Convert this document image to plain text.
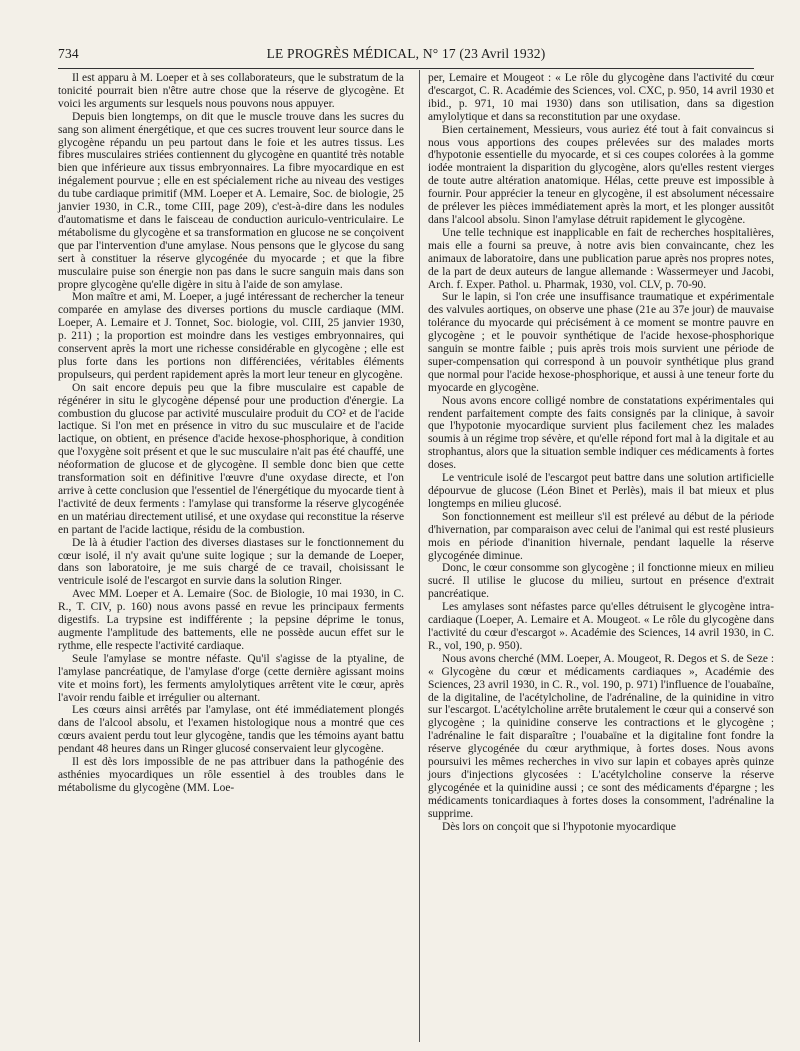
734	LE PROGRÈS MÉDICAL, N° 17 (23 Avril 1932)

Il est apparu à M. Loeper et à ses collaborateurs, que le substratum de la tonicité pourrait bien n'être autre chose que la réserve de glycogène. Et voici les arguments sur lesquels nous pouvons nous appuyer.

Depuis bien longtemps, on dit que le muscle trouve dans les sucres du sang son aliment énergétique, et que ces sucres trouvent leur source dans le glycogène répandu un peu partout dans le foie et les autres tissus. Les fibres musculaires striées contiennent du glycogène en quantité très notable bien que inférieure aux tissus embryonnaires. La fibre myocardique en est inégalement pourvue ; elle en est spécialement riche au niveau des vestiges du tube cardiaque primitif (MM. Loeper et A. Lemaire, Soc. de biologie, 25 janvier 1930, in C.R., tome CIII, page 209), c'est-à-dire dans les nodules d'automatisme et dans le faisceau de conduction auriculo-ventriculaire. Le métabolisme du glycogène et sa transformation en glucose ne se conçoivent que par l'intervention d'une amylase. Nous pensons que le glycose du sang sert à constituer la réserve glycogénée du myocarde ; et que la fibre musculaire puise son énergie non pas dans le sucre sanguin mais dans son propre glycogène qu'elle digère in situ à l'aide de son amylase.

Mon maître et ami, M. Loeper, a jugé intéressant de rechercher la teneur comparée en amylase des diverses portions du muscle cardiaque (MM. Loeper, A. Lemaire et J. Tonnet, Soc. biologie, vol. CIII, 25 janvier 1930, p. 211) ; la proportion est moindre dans les vestiges embryonnaires, qui conservent après la mort une richesse considérable en glycogène ; elle est plus forte dans les portions non différenciées, véritables éléments propulseurs, qui perdent rapidement après la mort leur teneur en glycogène.

On sait encore depuis peu que la fibre musculaire est capable de régénérer in situ le glycogène dépensé pour une production d'énergie. La combustion du glucose par activité musculaire produit du CO² et de l'acide lactique. Si l'on met en présence in vitro du suc musculaire et de l'acide lactique, on obtient, en présence d'acide hexose-phosphorique, à condition que l'oxygène soit présent et que le suc musculaire n'ait pas été chauffé, une néoformation de glucose et de glycogène. Il semble donc bien que cette transformation soit en définitive l'œuvre d'une oxydase directe, et l'on arrive à cette conclusion que l'essentiel de l'énergétique du myocarde tient à l'activité de deux ferments : l'amylase qui transforme la réserve glycogénée en un matériau directement utilisé, et une oxydase qui reconstitue la réserve en partant de l'acide lactique, résidu de la combustion.

De là à étudier l'action des diverses diastases sur le fonctionnement du cœur isolé, il n'y avait qu'une suite logique ; sur la demande de Loeper, dans son laboratoire, je me suis chargé de ce travail, choisissant le ventricule isolé de l'escargot en survie dans la solution Ringer.

Avec MM. Loeper et A. Lemaire (Soc. de Biologie, 10 mai 1930, in C. R., T. CIV, p. 160) nous avons passé en revue les principaux ferments digestifs. La trypsine est indifférente ; la pepsine déprime le tonus, augmente l'amplitude des battements, elle ne possède aucun effet sur le rythme, elle respecte l'activité cardiaque.

Seule l'amylase se montre néfaste. Qu'il s'agisse de la ptyaline, de l'amylase pancréatique, de l'amylase d'orge (cette dernière agissant moins vite et moins fort), les ferments amylolytiques arrêtent vite le cœur, après l'avoir rendu faible et irrégulier ou alternant.

Les cœurs ainsi arrêtés par l'amylase, ont été immédiatement plongés dans de l'alcool absolu, et l'examen histologique nous a montré que ces cœurs avaient perdu tout leur glycogène, tandis que les témoins ayant battu pendant 48 heures dans un Ringer glucosé conservaient leur glycogène.

Il est dès lors impossible de ne pas attribuer dans la pathogénie des asthénies myocardiques un rôle essentiel à des troubles dans le métabolisme du glycogène (MM. Loe-

per, Lemaire et Mougeot : « Le rôle du glycogène dans l'activité du cœur d'escargot, C. R. Académie des Sciences, vol. CXC, p. 950, 14 avril 1930 et ibid., p. 971, 10 mai 1930) dans son utilisation, dans sa digestion amylolytique et dans sa reconstitution par une oxydase.

Bien certainement, Messieurs, vous auriez été tout à fait convaincus si nous vous apportions des coupes prélevées sur des malades morts d'hypotonie essentielle du myocarde, et si ces coupes colorées à la gomme iodée montraient la disparition du glycogène, alors qu'elles restent vierges de toute autre altération anatomique. Hélas, cette preuve est impossible à fournir. Pour apprécier la teneur en glycogène, il est absolument nécessaire de prélever les pièces immédiatement après la mort, et les plonger aussitôt dans l'alcool absolu. Sinon l'amylase détruit rapidement le glycogène.

Une telle technique est inapplicable en fait de recherches hospitalières, mais elle a fourni sa preuve, à notre avis bien convaincante, chez les animaux de laboratoire, dans une publication parue après nos propres notes, de la part de deux auteurs de langue allemande : Wassermeyer und Jacobi, Arch. f. Exper. Pathol. u. Pharmak, 1930, vol. CLV, p. 70-90.

Sur le lapin, si l'on crée une insuffisance traumatique et expérimentale des valvules aortiques, on observe une phase (21e au 37e jour) de mauvaise tolérance du myocarde qui précisément à ce moment se montre pauvre en glycogène ; et le pouvoir synthétique de l'acide hexose-phosphorique sanguin se montre faible ; puis après trois mois survient une période de super-compensation qui correspond à un pouvoir synthétique plus grand que normal pour l'acide hexose-phosphorique, et aussi à une teneur forte du myocarde en glycogène.

Nous avons encore colligé nombre de constatations expérimentales qui rendent parfaitement compte des faits consignés par la clinique, à savoir que l'hypotonie myocardique survient plus facilement chez les malades soumis à un régime trop sévère, et qu'elle répond fort mal à la digitale et au strophantus, alors que la situation semble indiquer ces médicaments à fortes doses.

Le ventricule isolé de l'escargot peut battre dans une solution artificielle dépourvue de glucose (Léon Binet et Perlès), mais il bat mieux et plus longtemps en milieu glucosé.

Son fonctionnement est meilleur s'il est prélevé au début de la période d'hivernation, par comparaison avec celui de l'animal qui est resté plusieurs mois en période d'inanition hivernale, pendant laquelle la réserve glycogénée diminue.

Donc, le cœur consomme son glycogène ; il fonctionne mieux en milieu sucré. Il utilise le glucose du milieu, surtout en présence d'extrait pancréatique.

Les amylases sont néfastes parce qu'elles détruisent le glycogène intra-cardiaque (Loeper, A. Lemaire et A. Mougeot. « Le rôle du glycogène dans l'activité du cœur d'escargot ». Académie des Sciences, 14 avril 1930, in C. R., vol, 190, p. 950).

Nous avons cherché (MM. Loeper, A. Mougeot, R. Degos et S. de Seze : « Glycogène du cœur et médicaments cardiaques », Académie des Sciences, 23 avril 1930, in C. R., vol. 190, p. 971) l'influence de l'ouabaïne, de la digitaline, de l'acétylcholine, de l'adrénaline, de la quinidine in vitro sur l'escargot. L'acétylcholine arrête brutalement le cœur qui a conservé son glycogène ; la quinidine conserve les contractions et le glycogène ; l'adrénaline le fait disparaître ; l'ouabaïne et la digitaline font fondre la réserve glycogénée du cœur arythmique, à fortes doses. Nous avons poursuivi les mêmes recherches in vivo sur lapin et cobayes après quinze jours d'injections glycosées : L'acétylcholine conserve la réserve glycogénée et la quinidine aussi ; ce sont des médicaments d'épargne ; les médicaments tonicardiaques à fortes doses la consomment, l'adrénaline la supprime.

Dès lors on conçoit que si l'hypotonie myocardique
